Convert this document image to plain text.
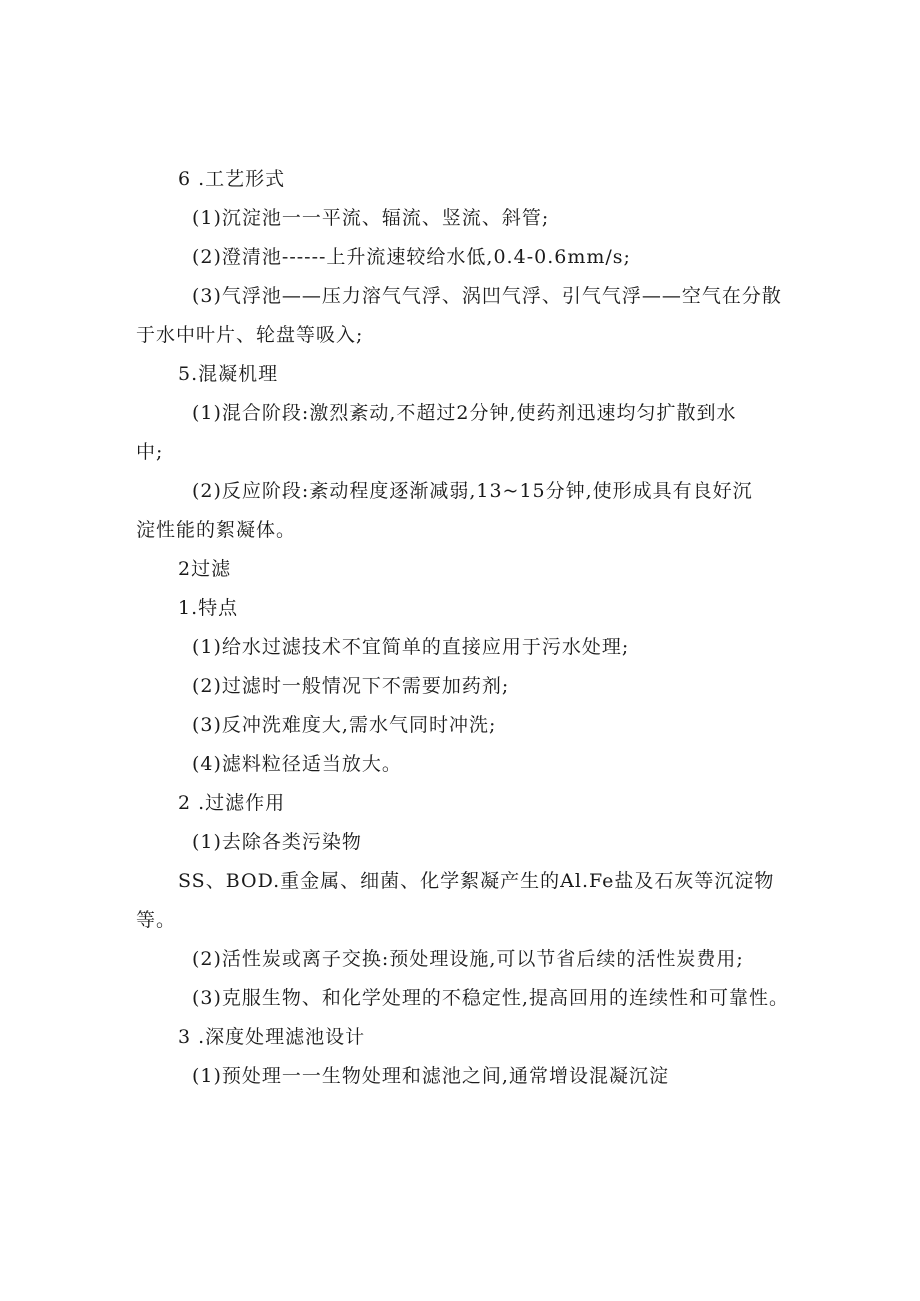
6 .工艺形式
(1)沉淀池一一平流、辐流、竖流、斜管;
(2)澄清池------上升流速较给水低,0.4-0.6mm/s;
(3)气浮池——压力溶气气浮、涡凹气浮、引气气浮——空气在分散
于水中叶片、轮盘等吸入;
5.混凝机理
(1)混合阶段:激烈紊动,不超过2分钟,使药剂迅速均匀扩散到水
中;
(2)反应阶段:紊动程度逐渐减弱,13~15分钟,使形成具有良好沉
淀性能的絮凝体。
2过滤
1.特点
(1)给水过滤技术不宜简单的直接应用于污水处理;
(2)过滤时一般情况下不需要加药剂;
(3)反冲洗难度大,需水气同时冲洗;
(4)滤料粒径适当放大。
2 .过滤作用
(1)去除各类污染物
SS、BOD.重金属、细菌、化学絮凝产生的Al.Fe盐及石灰等沉淀物
等。
(2)活性炭或离子交换:预处理设施,可以节省后续的活性炭费用;
(3)克服生物、和化学处理的不稳定性,提高回用的连续性和可靠性。
3 .深度处理滤池设计
(1)预处理一一生物处理和滤池之间,通常增设混凝沉淀
